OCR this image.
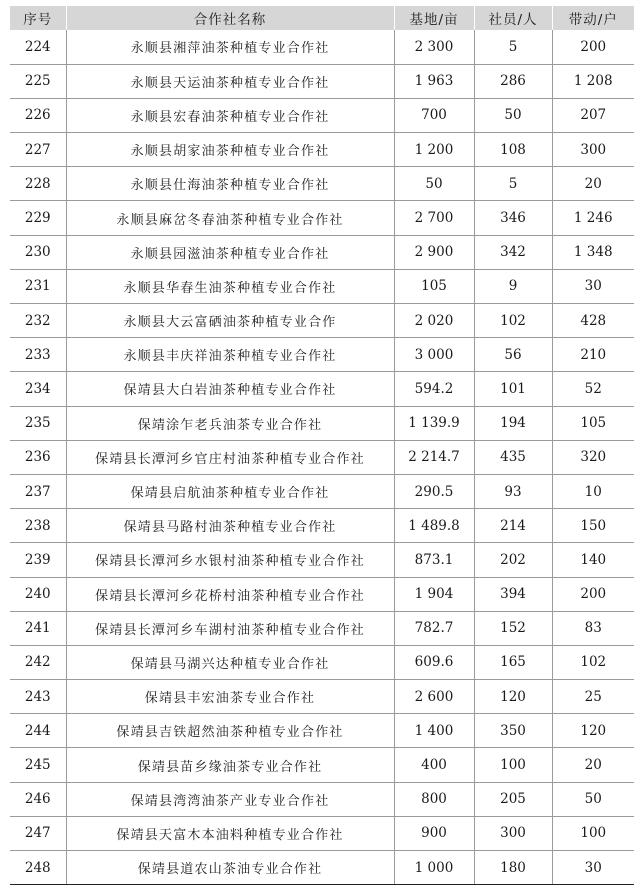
序号	合作社名称	基地/亩	社员/人	带动/户
224	永顺县湘萍油茶种植专业合作社	2 300	5	200
225	永顺县天运油茶种植专业合作社	1 963	286	1 208
226	永顺县宏春油茶种植专业合作社	700	50	207
227	永顺县胡家油茶种植专业合作社	1 200	108	300
228	永顺县仕海油茶种植专业合作社	50	5	20
229	永顺县麻岔冬春油茶种植专业合作社	2 700	346	1 246
230	永顺县园滋油茶种植专业合作社	2 900	342	1 348
231	永顺县华春生油茶种植专业合作社	105	9	30
232	永顺县大云富硒油茶种植专业合作	2 020	102	428
233	永顺县丰庆祥油茶种植专业合作社	3 000	56	210
234	保靖县大白岩油茶种植专业合作社	594.2	101	52
235	保靖涂乍老兵油茶专业合作社	1 139.9	194	105
236	保靖县长潭河乡官庄村油茶种植专业合作社	2 214.7	435	320
237	保靖县启航油茶种植专业合作社	290.5	93	10
238	保靖县马路村油茶种植专业合作社	1 489.8	214	150
239	保靖县长潭河乡水银村油茶种植专业合作社	873.1	202	140
240	保靖县长潭河乡花桥村油茶种植专业合作社	1 904	394	200
241	保靖县长潭河乡车湖村油茶种植专业合作社	782.7	152	83
242	保靖县马湖兴达种植专业合作社	609.6	165	102
243	保靖县丰宏油茶专业合作社	2 600	120	25
244	保靖县吉铁超然油茶种植专业合作社	1 400	350	120
245	保靖县苗乡缘油茶专业合作社	400	100	20
246	保靖县湾湾油茶产业专业合作社	800	205	50
247	保靖县天富木本油料种植专业合作社	900	300	100
248	保靖县道农山茶油专业合作社	1 000	180	30
